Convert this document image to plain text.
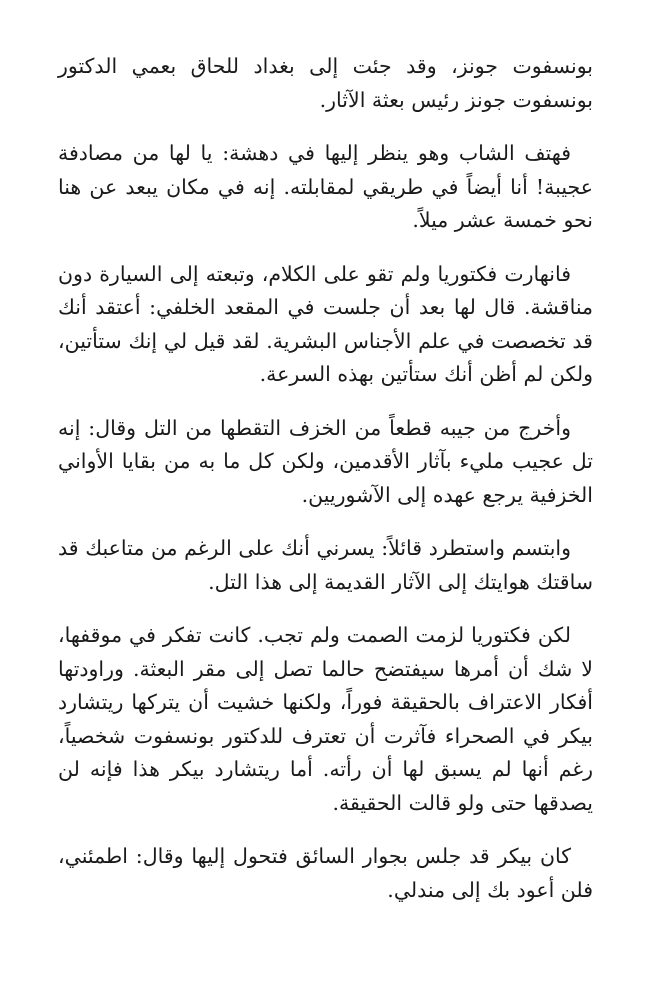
بونسفوت جونز، وقد جئت إلى بغداد للحاق بعمي الدكتور بونسفوت جونز رئيس بعثة الآثار.

فهتف الشاب وهو ينظر إليها في دهشة: يا لها من مصادفة عجيبة! أنا أيضاً في طريقي لمقابلته. إنه في مكان يبعد عن هنا نحو خمسة عشر ميلاً.

فانهارت فكتوريا ولم تقو على الكلام، وتبعته إلى السيارة دون مناقشة. قال لها بعد أن جلست في المقعد الخلفي: أعتقد أنك قد تخصصت في علم الأجناس البشرية. لقد قيل لي إنك ستأتين، ولكن لم أظن أنك ستأتين بهذه السرعة.

وأخرج من جيبه قطعاً من الخزف التقطها من التل وقال: إنه تل عجيب مليء بآثار الأقدمين، ولكن كل ما به من بقايا الأواني الخزفية يرجع عهده إلى الآشوريين.

وابتسم واستطرد قائلاً: يسرني أنك على الرغم من متاعبك قد ساقتك هوايتك إلى الآثار القديمة إلى هذا التل.

لكن فكتوريا لزمت الصمت ولم تجب. كانت تفكر في موقفها، لا شك أن أمرها سيفتضح حالما تصل إلى مقر البعثة. وراودتها أفكار الاعتراف بالحقيقة فوراً، ولكنها خشيت أن يتركها ريتشارد بيكر في الصحراء فآثرت أن تعترف للدكتور بونسفوت شخصياً، رغم أنها لم يسبق لها أن رأته. أما ريتشارد بيكر هذا فإنه لن يصدقها حتى ولو قالت الحقيقة.

كان بيكر قد جلس بجوار السائق فتحول إليها وقال: اطمئني، فلن أعود بك إلى مندلي.
